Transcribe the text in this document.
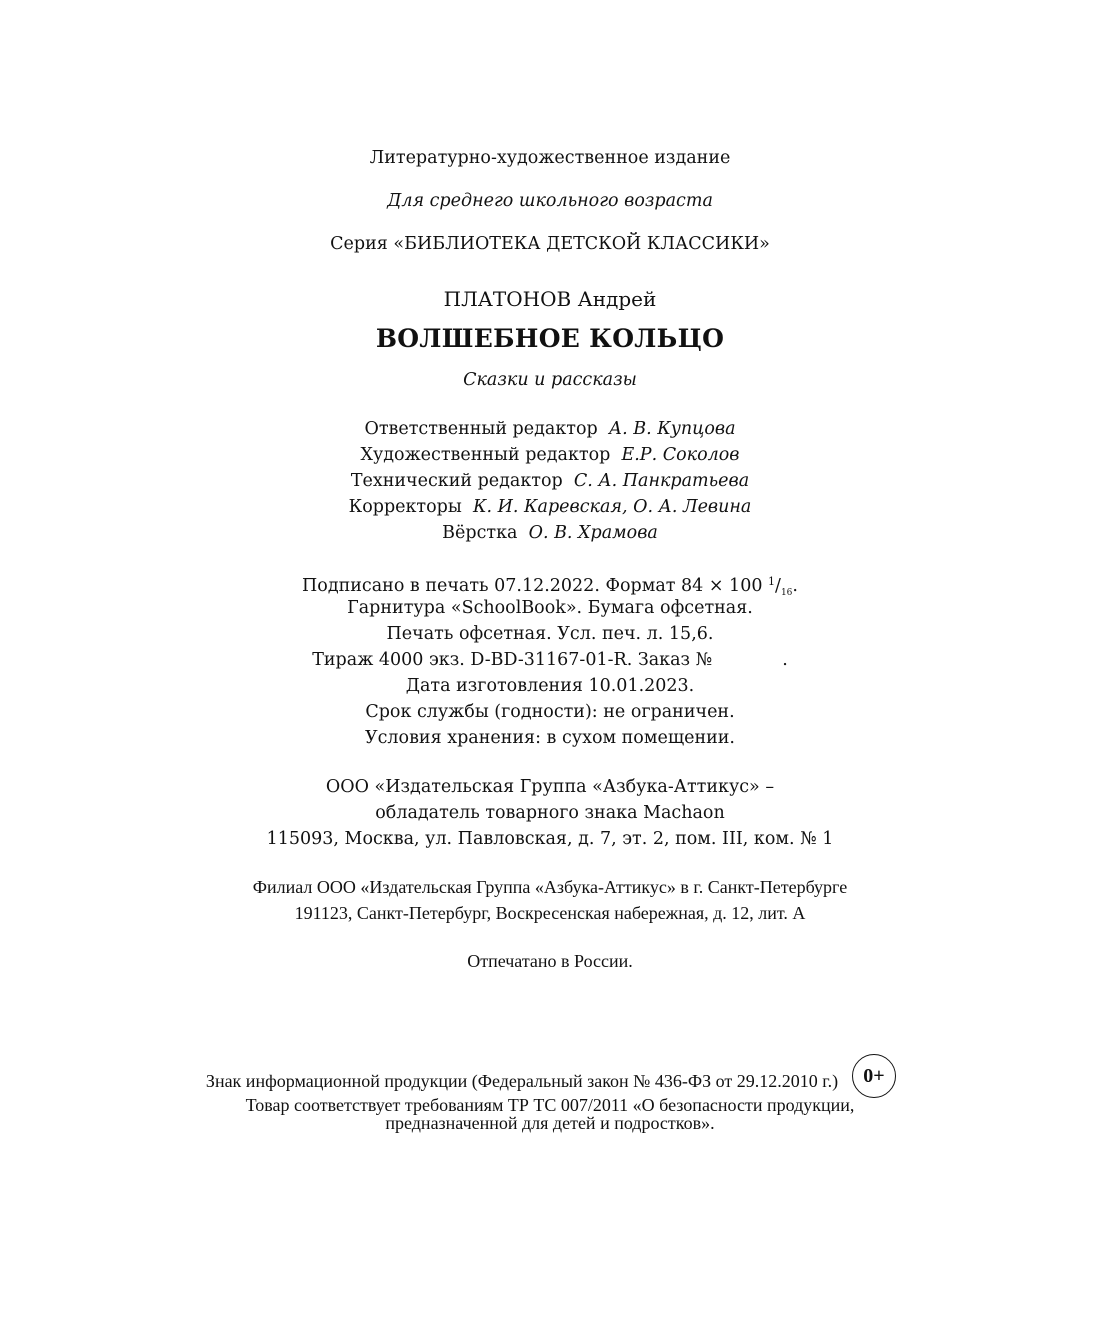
Литературно-художественное издание
Для среднего школьного возраста
Серия «БИБЛИОТЕКА ДЕТСКОЙ КЛАССИКИ»
ПЛАТОНОВ Андрей
ВОЛШЕБНОЕ КОЛЬЦО
Сказки и рассказы
Ответственный редактор А. В. Купцова
Художественный редактор Е.Р. Соколов
Технический редактор С. А. Панкратьева
Корректоры К. И. Каревская, О. А. Левина
Вёрстка О. В. Храмова
Подписано в печать 07.12.2022. Формат 84 × 100 $^1/_{16}$.
Гарнитура «SchoolBook». Бумага офсетная.
Печать офсетная. Усл. печ. л. 15,6.
Тираж 4000 экз. D-BD-31167-01-R. Заказ №	.
Дата изготовления 10.01.2023.
Срок службы (годности): не ограничен.
Условия хранения: в сухом помещении.
ООО «Издательская Группа «Азбука-Аттикус» –
обладатель товарного знака Machaon
115093, Москва, ул. Павловская, д. 7, эт. 2, пом. III, ком. № 1
Филиал ООО «Издательская Группа «Азбука-Аттикус» в г. Санкт-Петербурге
191123, Санкт-Петербург, Воскресенская набережная, д. 12, лит. А
Отпечатано в России.
Знак информационной продукции (Федеральный закон № 436-ФЗ от 29.12.2010 г.)	0+
Товар соответствует требованиям ТР ТС 007/2011 «О безопасности продукции,
предназначенной для детей и подростков».
